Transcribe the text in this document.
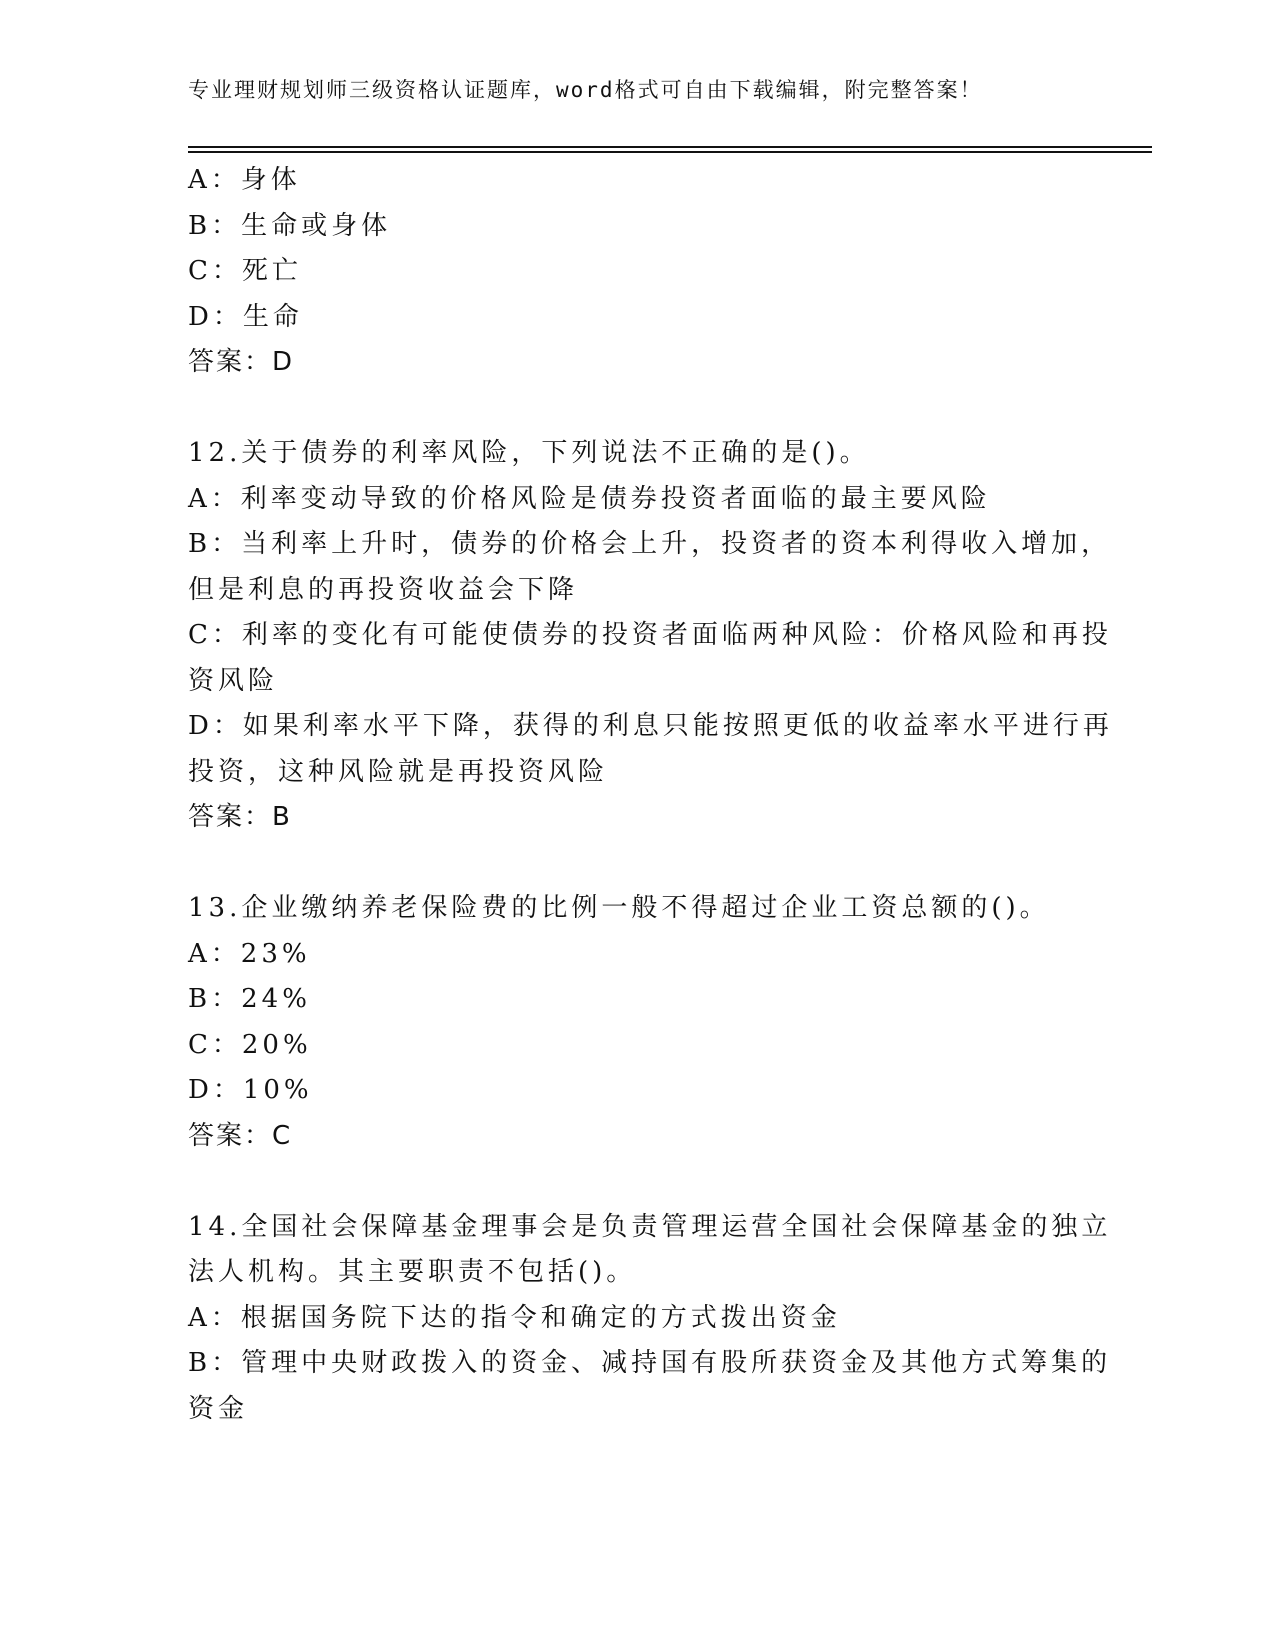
专业理财规划师三级资格认证题库，word格式可自由下载编辑，附完整答案！
A：身体
B：生命或身体
C：死亡
D：生命
答案：D
12.关于债券的利率风险，下列说法不正确的是()。
A：利率变动导致的价格风险是债券投资者面临的最主要风险
B：当利率上升时，债券的价格会上升，投资者的资本利得收入增加，
但是利息的再投资收益会下降
C：利率的变化有可能使债券的投资者面临两种风险：价格风险和再投
资风险
D：如果利率水平下降，获得的利息只能按照更低的收益率水平进行再
投资，这种风险就是再投资风险
答案：B
13.企业缴纳养老保险费的比例一般不得超过企业工资总额的()。
A：23%
B：24%
C：20%
D：10%
答案：C
14.全国社会保障基金理事会是负责管理运营全国社会保障基金的独立
法人机构。其主要职责不包括()。
A：根据国务院下达的指令和确定的方式拨出资金
B：管理中央财政拨入的资金、减持国有股所获资金及其他方式筹集的
资金
